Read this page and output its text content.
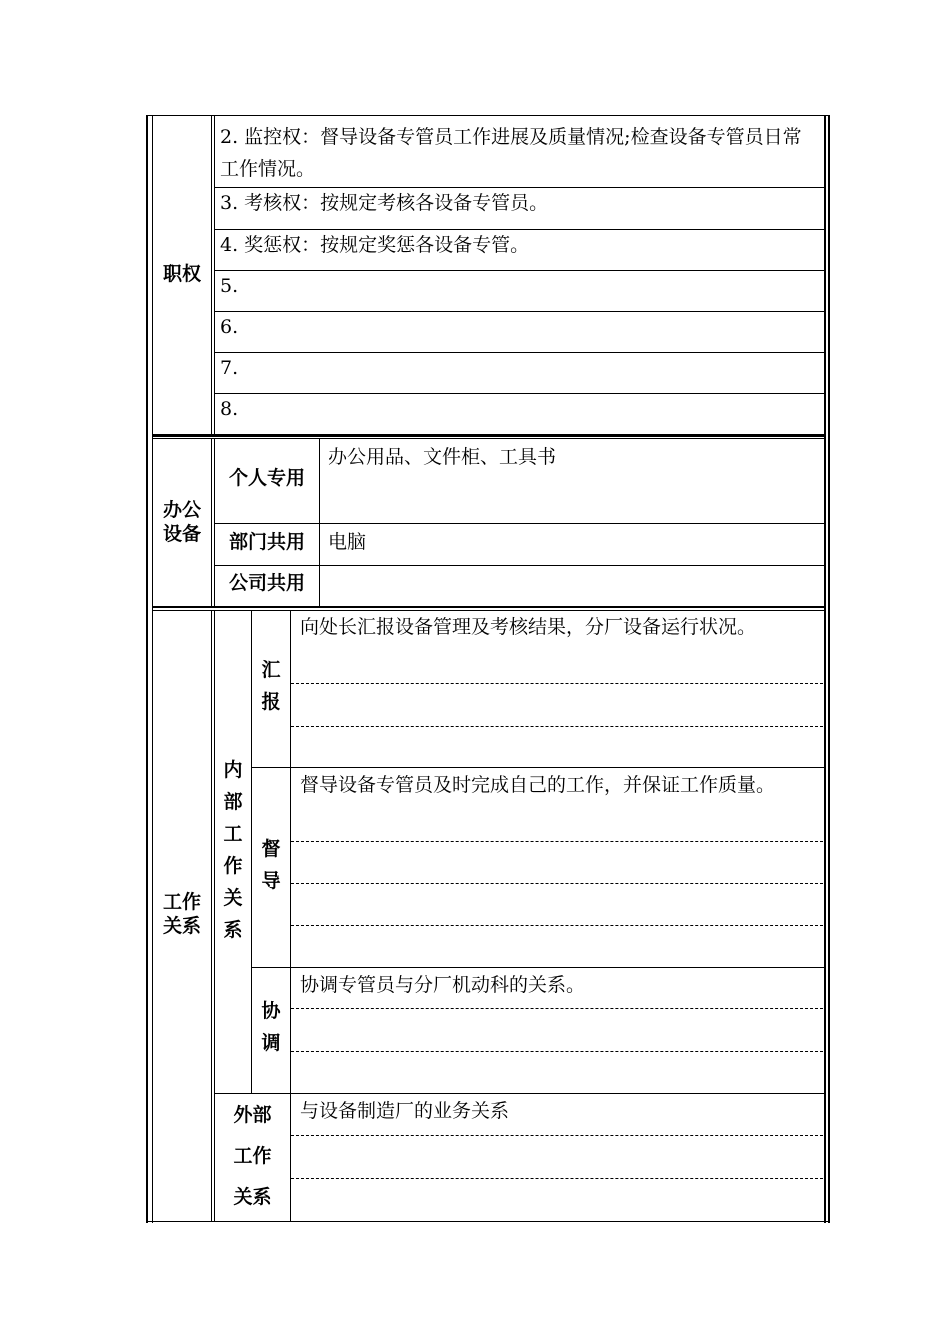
职权
2. 监控权：督导设备专管员工作进展及质量情况;检查设备专管员日常工作情况。
3. 考核权：按规定考核各设备专管员。
4. 奖惩权：按规定奖惩各设备专管。
5.
6.
7.
8.
办公
设备
个人专用
办公用品、文件柜、工具书
部门共用	电脑
公司共用
工作
关系
内
部
工
作
关
系
汇
报
向处长汇报设备管理及考核结果，分厂设备运行状况。
督
导
督导设备专管员及时完成自己的工作，并保证工作质量。
协
调
协调专管员与分厂机动科的关系。
外部
工作
关系
与设备制造厂的业务关系
